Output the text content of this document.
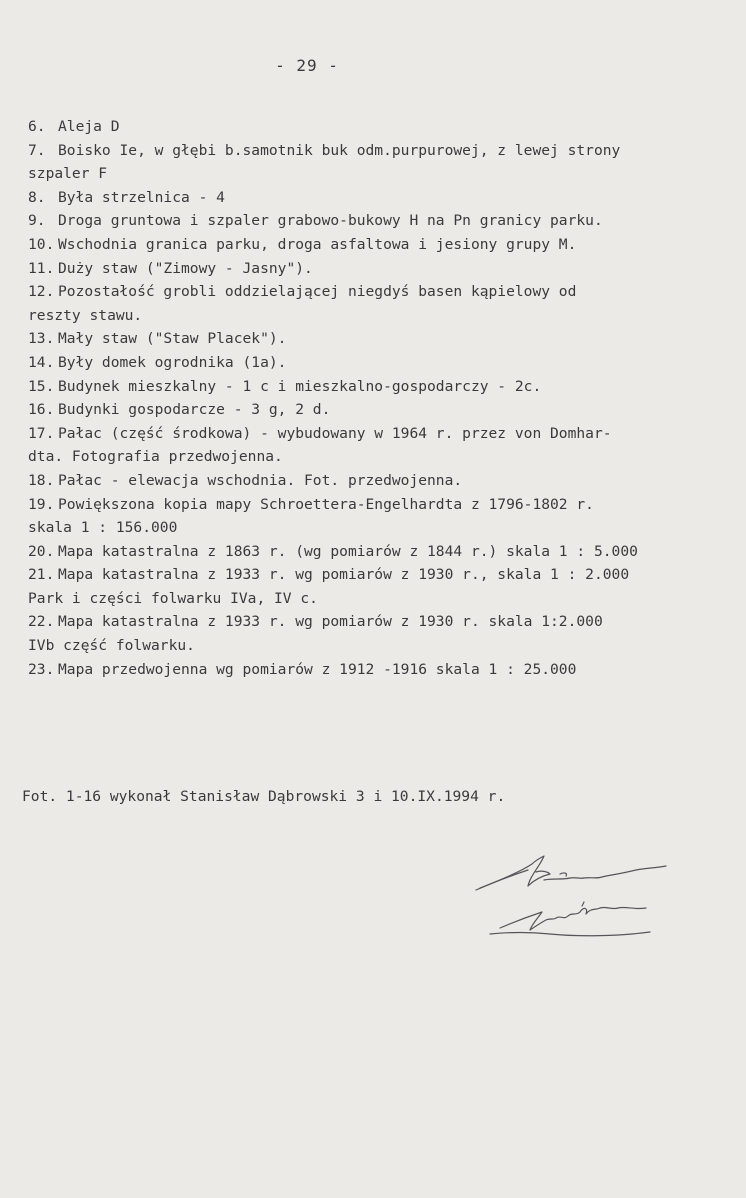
- 29 -
6. Aleja D
7. Boisko Ie, w głębi b.samotnik buk odm.purpurowej, z lewej strony
szpaler F
8. Była strzelnica - 4
9. Droga gruntowa i szpaler grabowo-bukowy H na Pn granicy parku.
10. Wschodnia granica parku, droga asfaltowa i jesiony grupy M.
11. Duży staw ("Zimowy - Jasny").
12. Pozostałość grobli oddzielającej niegdyś basen kąpielowy od
reszty stawu.
13. Mały staw ("Staw Placek").
14. Były domek ogrodnika (1a).
15. Budynek mieszkalny - 1 c i mieszkalno-gospodarczy - 2c.
16. Budynki gospodarcze - 3 g, 2 d.
17. Pałac (część środkowa) - wybudowany w 1964 r. przez von Domhar-
dta. Fotografia przedwojenna.
18. Pałac - elewacja wschodnia. Fot. przedwojenna.
19. Powiększona kopia mapy Schroettera-Engelhardta z 1796-1802 r.
skala 1 : 156.000
20. Mapa katastralna z 1863 r. (wg pomiarów z 1844 r.) skala 1 : 5.000
21. Mapa katastralna z 1933 r. wg pomiarów z 1930 r., skala 1 : 2.000
Park i części folwarku IVa, IV c.
22. Mapa katastralna z 1933 r. wg pomiarów z 1930 r. skala 1:2.000
IVb część folwarku.
23. Mapa przedwojenna wg pomiarów z 1912 -1916 skala 1 : 25.000
Fot. 1-16 wykonał Stanisław Dąbrowski 3 i 10.IX.1994 r.
